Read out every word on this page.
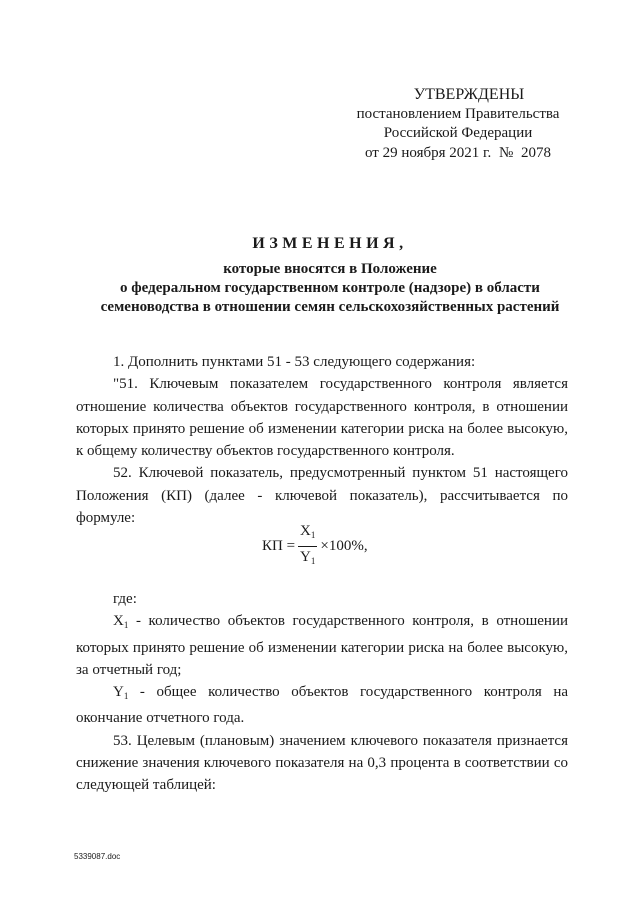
УТВЕРЖДЕНЫ
постановлением Правительства
Российской Федерации
от 29 ноября 2021 г. № 2078
ИЗМЕНЕНИЯ,
которые вносятся в Положение
о федеральном государственном контроле (надзоре) в области
семеноводства в отношении семян сельскохозяйственных растений

1. Дополнить пунктами 51 - 53 следующего содержания:

"51. Ключевым показателем государственного контроля является отношение количества объектов государственного контроля, в отношении которых принято решение об изменении категории риска на более высокую, к общему количеству объектов государственного контроля.

52. Ключевой показатель, предусмотренный пунктом 51 настоящего Положения (КП) (далее - ключевой показатель), рассчитывается по формуле:

КП = $\frac{X_1}{Y_1} \times 100\%$ ,

где:

$X_1$ - количество объектов государственного контроля, в отношении которых принято решение об изменении категории риска на более высокую, за отчетный год;

$Y_1$ - общее количество объектов государственного контроля на окончание отчетного года.

53. Целевым (плановым) значением ключевого показателя признается снижение значения ключевого показателя на 0,3 процента в соответствии со следующей таблицей:

5339087.doc
